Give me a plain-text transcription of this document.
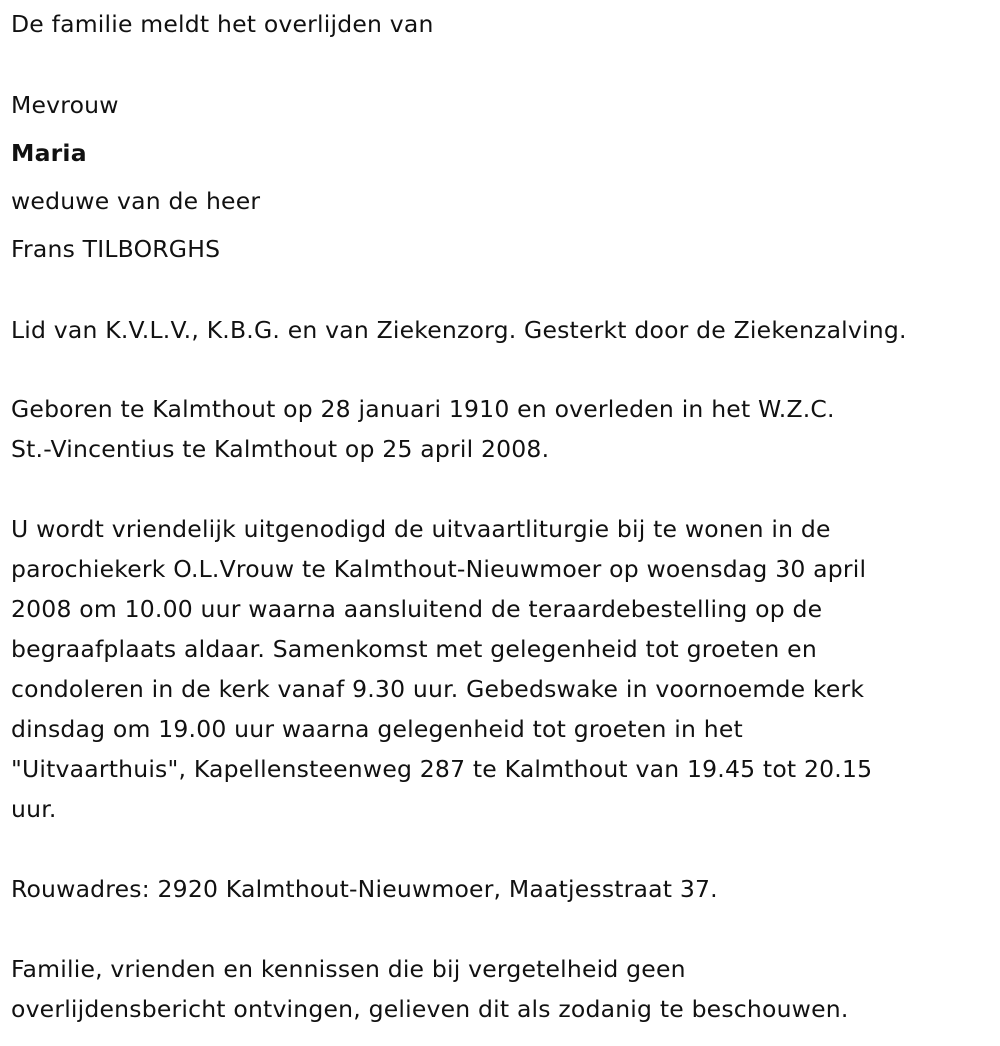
De familie meldt het overlijden van
Mevrouw
Maria
weduwe van de heer
Frans TILBORGHS
Lid van K.V.L.V., K.B.G. en van Ziekenzorg. Gesterkt door de Ziekenzalving.
Geboren te Kalmthout op 28 januari 1910 en overleden in het W.Z.C.
St.-Vincentius te Kalmthout op 25 april 2008.
U wordt vriendelijk uitgenodigd de uitvaartliturgie bij te wonen in de
parochiekerk O.L.Vrouw te Kalmthout-Nieuwmoer op woensdag 30 april
2008 om 10.00 uur waarna aansluitend de teraardebestelling op de
begraafplaats aldaar. Samenkomst met gelegenheid tot groeten en
condoleren in de kerk vanaf 9.30 uur. Gebedswake in voornoemde kerk
dinsdag om 19.00 uur waarna gelegenheid tot groeten in het
"Uitvaarthuis", Kapellensteenweg 287 te Kalmthout van 19.45 tot 20.15
uur.
Rouwadres: 2920 Kalmthout-Nieuwmoer, Maatjesstraat 37.
Familie, vrienden en kennissen die bij vergetelheid geen
overlijdensbericht ontvingen, gelieven dit als zodanig te beschouwen.
